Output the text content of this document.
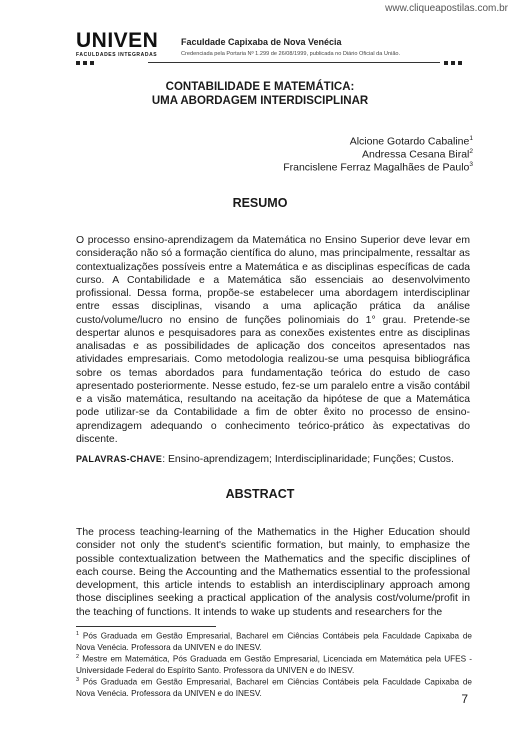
www.cliqueapostilas.com.br
UNIVEN
FACULDADES INTEGRADAS
Faculdade Capixaba de Nova Venécia
Credenciada pela Portaria Nº 1.299 de 26/08/1999, publicada no Diário Oficial da União.
CONTABILIDADE E MATEMÁTICA:
UMA ABORDAGEM INTERDISCIPLINAR
Alcione Gotardo Cabaline$^1$
Andressa Cesana Biral$^2$
Francislene Ferraz Magalhães de Paulo$^3$
RESUMO
O processo ensino-aprendizagem da Matemática no Ensino Superior deve levar em consideração não só a formação científica do aluno, mas principalmente, ressaltar as contextualizações possíveis entre a Matemática e as disciplinas específicas de cada curso. A Contabilidade e a Matemática são essenciais ao desenvolvimento profissional. Dessa forma, propõe-se estabelecer uma abordagem interdisciplinar entre essas disciplinas, visando a uma aplicação prática da análise custo/volume/lucro no ensino de funções polinomiais do 1° grau. Pretende-se despertar alunos e pesquisadores para as conexões existentes entre as disciplinas analisadas e as possibilidades de aplicação dos conceitos apresentados nas atividades empresariais. Como metodologia realizou-se uma pesquisa bibliográfica sobre os temas abordados para fundamentação teórica do estudo de caso apresentado posteriormente. Nesse estudo, fez-se um paralelo entre a visão contábil e a visão matemática, resultando na aceitação da hipótese de que a Matemática pode utilizar-se da Contabilidade a fim de obter êxito no processo de ensino-aprendizagem adequando o conhecimento teórico-prático às expectativas do discente.
PALAVRAS-CHAVE: Ensino-aprendizagem; Interdisciplinaridade; Funções; Custos.
ABSTRACT
The process teaching-learning of the Mathematics in the Higher Education should consider not only the student's scientific formation, but mainly, to emphasize the possible contextualization between the Mathematics and the specific disciplines of each course. Being the Accounting and the Mathematics essential to the professional development, this article intends to establish an interdisciplinary approach among those disciplines seeking a practical application of the analysis cost/volume/profit in the teaching of functions. It intends to wake up students and researchers for the
$^1$ Pós Graduada em Gestão Empresarial, Bacharel em Ciências Contábeis pela Faculdade Capixaba de Nova Venécia. Professora da UNIVEN e do INESV.
$^2$ Mestre em Matemática, Pós Graduada em Gestão Empresarial, Licenciada em Matemática pela UFES - Universidade Federal do Espírito Santo. Professora da UNIVEN e do INESV.
$^3$ Pós Graduada em Gestão Empresarial, Bacharel em Ciências Contábeis pela Faculdade Capixaba de Nova Venécia. Professora da UNIVEN e do INESV.	7
